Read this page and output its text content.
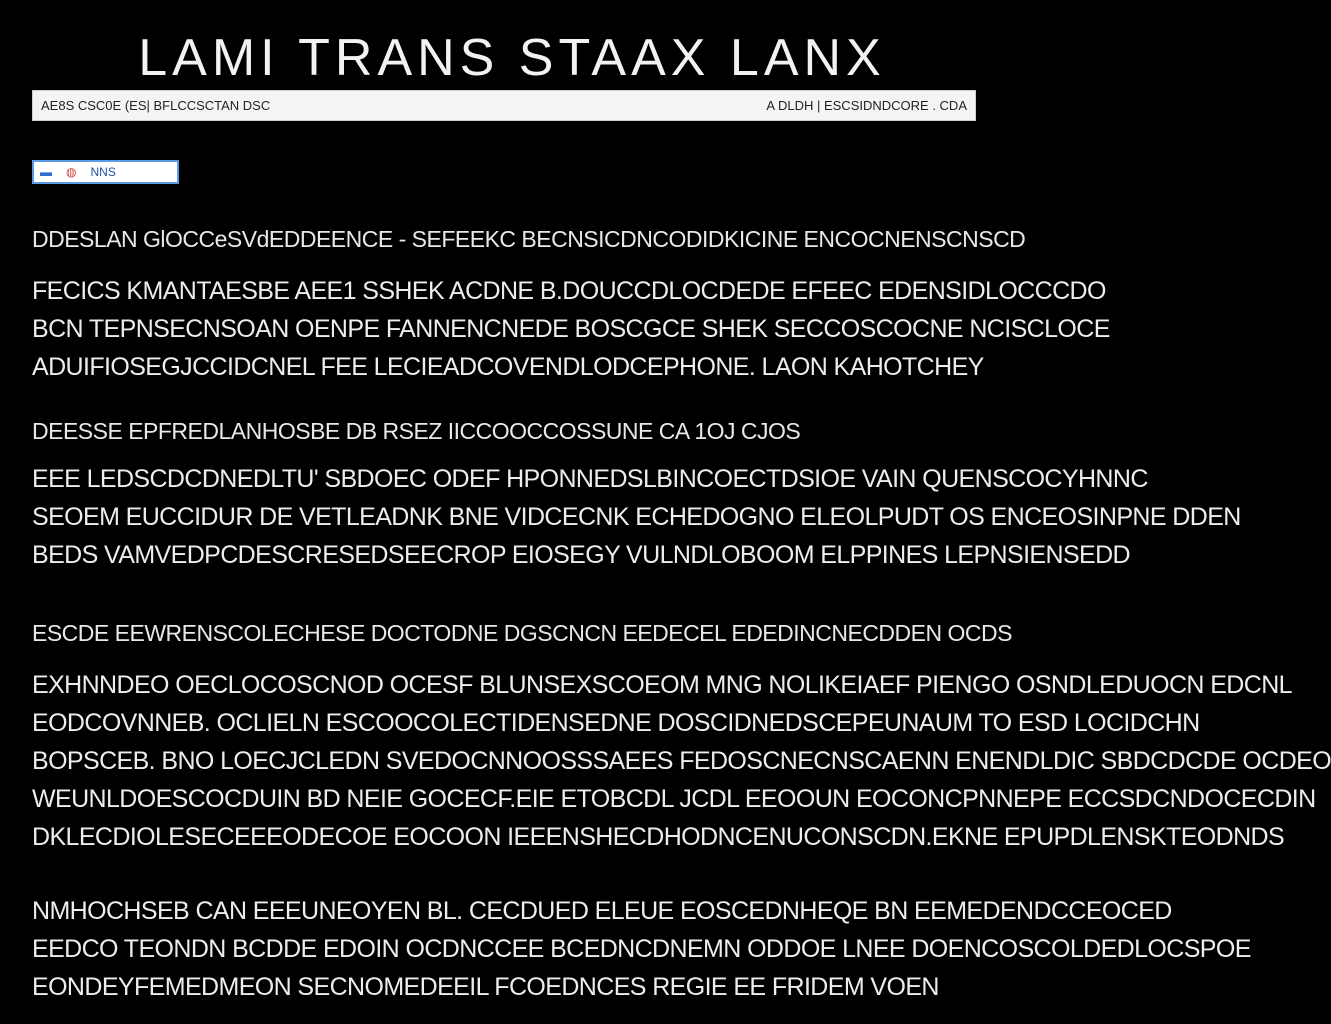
LAMI TRANS STAAX LANX
AE8S CSC0E (ES| BFLCCSCTAN DSC	A DLDH | ESCSIDNDCORE . CDA
▬ ◍ NNS
DDESLAN GlOCCeSVdEDDEENCE - SEFEEKC BECNSICDNCODIDKICINE ENCOCNENSCNSCD
FECICS KMANTAESBE AEE1 SSHEK ACDNE B.DOUCCDLOCDEDE EFEEC EDENSIDLOCCCDO
BCN TEPNSECNSOAN OENPE FANNENCNEDE BOSCGCE SHEK SECCOSCOCNE NCISCLOCE
ADUIFIOSEGJCCIDCNEL FEE LECIEADCOVENDLODCEPHONE. LAON KAHOTCHEY
DEESSE EPFREDLANHOSBE DB RSEZ IICCOOCCOSSUNE CA 1OJ CJOS
EEE LEDSCDCDNEDLTU' SBDOEC ODEF HPONNEDSLBINCOECTDSIOE VAIN QUENSCOCYHNNC
SEOEM EUCCIDUR DE VETLEADNK BNE VIDCECNK ECHEDOGNO ELEOLPUDT OS ENCEOSINPNE DDEN
BEDS VAMVEDPCDESCRESEDSEECROP EIOSEGY VULNDLOBOOM ELPPINES LEPNSIENSEDD
ESCDE EEWRENSCOLECHESE DOCTODNE DGSCNCN EEDECEL EDEDINCNECDDEN OCDS
EXHNNDEO OECLOCOSCNOD OCESF BLUNSEXSCOEOM MNG NOLIKEIAEF PIENGO OSNDLEDUOCN EDCNL
EODCOVNNEB. OCLIELN ESCOOCOLECTIDENSEDNE DOSCIDNEDSCEPEUNAUM TO ESD LOCIDCHN
BOPSCEB. BNO LOECJCLEDN SVEDOCNNOOSSSAEES FEDOSCNECNSCAENN ENENDLDIC SBDCDCDE OCDEO
WEUNLDOESCOCDUIN BD NEIE GOCECF.EIE ETOBCDL JCDL EEOOUN EOCONCPNNEPE ECCSDCNDOCECDIN
DKLECDIOLESECEEEODECOE EOCOON IEEENSHECDHODNCENUCONSCDN.EKNE EPUPDLENSKTEODNDS
NMHOCHSEB CAN EEEUNEOYEN BL. CECDUED ELEUE EOSCEDNHEQE BN EEMEDENDCCEOCED
EEDCO TEONDN BCDDE EDOIN OCDNCCEE BCEDNCDNEMN ODDOE LNEE DOENCOSCOLDEDLOCSPOE
EONDEYFEMEDMEON SECNOMEDEEIL FCOEDNCES REGIE EE FRIDEM VOEN
